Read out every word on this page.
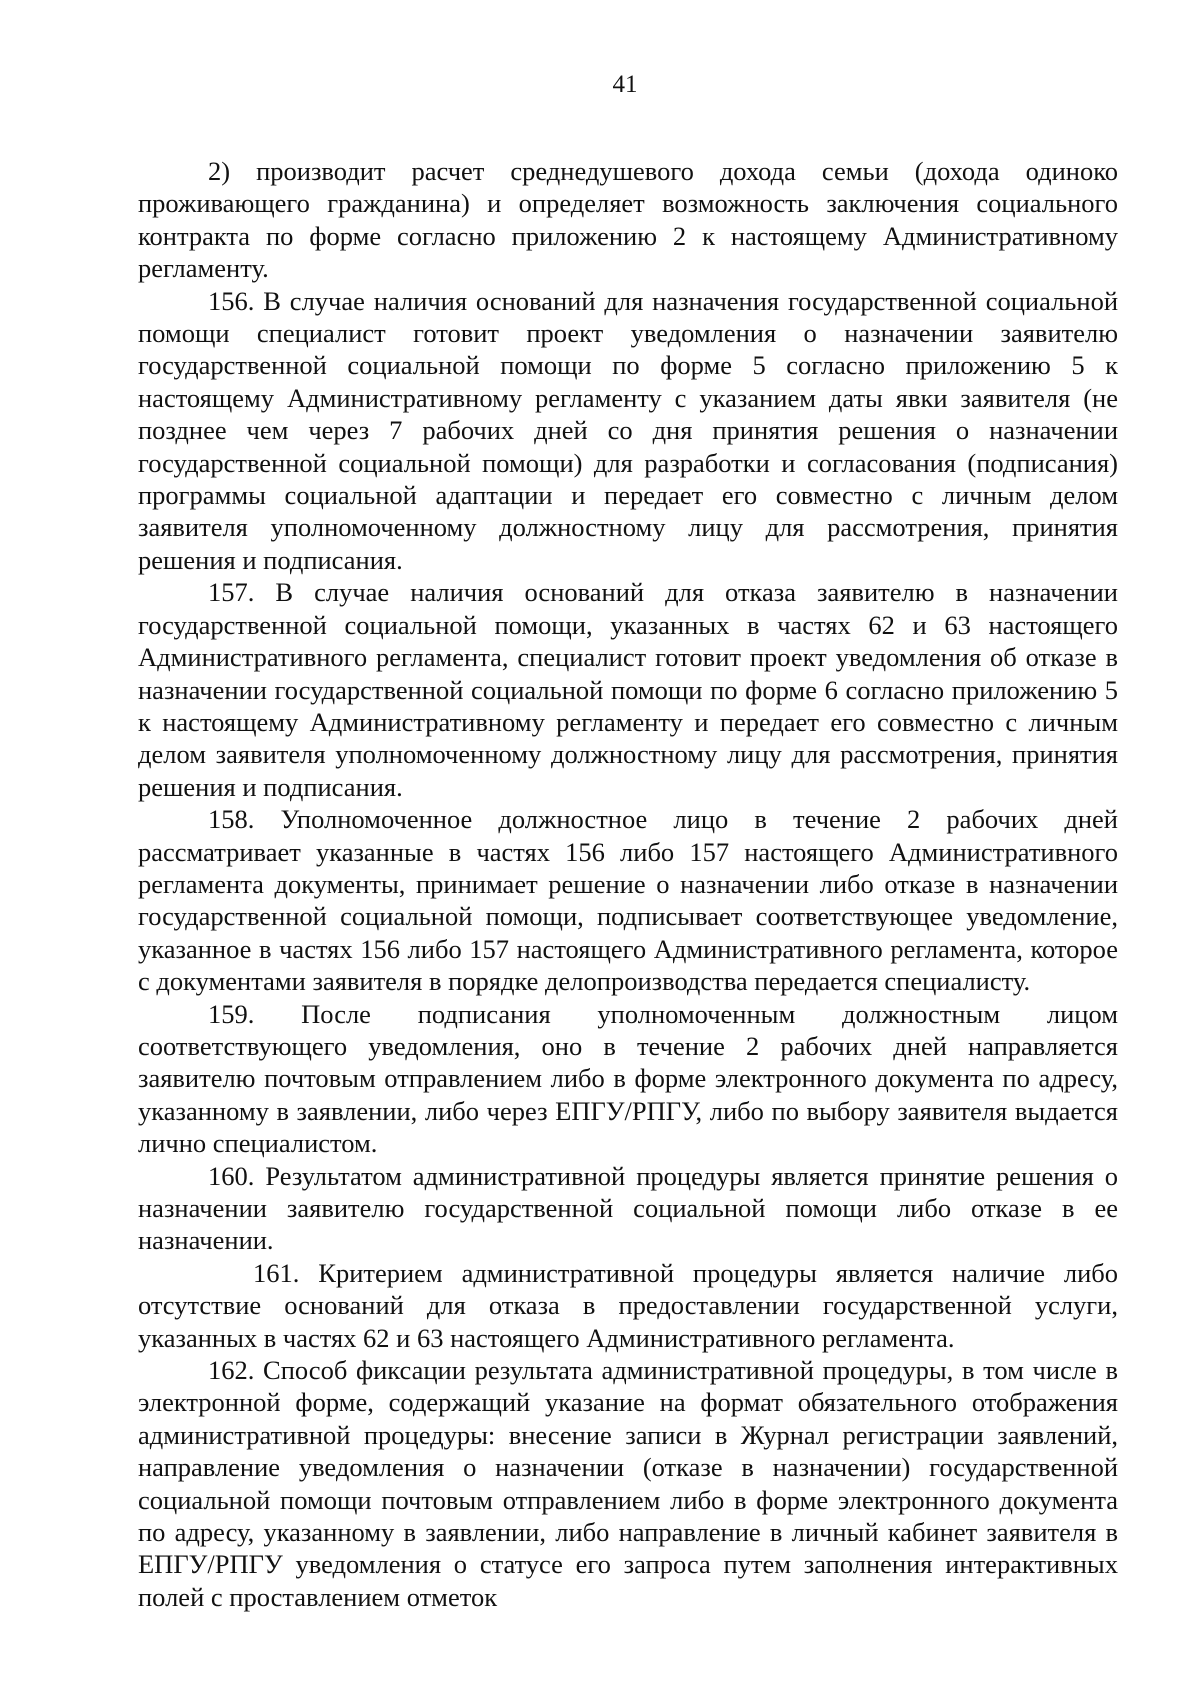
41

2) производит расчет среднедушевого дохода семьи (дохода одиноко проживающего гражданина) и определяет возможность заключения социального контракта по форме согласно приложению 2 к настоящему Административному регламенту.

156. В случае наличия оснований для назначения государственной социальной помощи специалист готовит проект уведомления о назначении заявителю государственной социальной помощи по форме 5 согласно приложению 5 к настоящему Административному регламенту с указанием даты явки заявителя (не позднее чем через 7 рабочих дней со дня принятия решения о назначении государственной социальной помощи) для разработки и согласования (подписания) программы социальной адаптации и передает его совместно с личным делом заявителя уполномоченному должностному лицу для рассмотрения, принятия решения и подписания.

157. В случае наличия оснований для отказа заявителю в назначении государственной социальной помощи, указанных в частях 62 и 63 настоящего Административного регламента, специалист готовит проект уведомления об отказе в назначении государственной социальной помощи по форме 6 согласно приложению 5 к настоящему Административному регламенту и передает его совместно с личным делом заявителя уполномоченному должностному лицу для рассмотрения, принятия решения и подписания.

158. Уполномоченное должностное лицо в течение 2 рабочих дней рассматривает указанные в частях 156 либо 157 настоящего Административного регламента документы, принимает решение о назначении либо отказе в назначении государственной социальной помощи, подписывает соответствующее уведомление, указанное в частях 156 либо 157 настоящего Административного регламента, которое с документами заявителя в порядке делопроизводства передается специалисту.

159. После подписания уполномоченным должностным лицом соответствующего уведомления, оно в течение 2 рабочих дней направляется заявителю почтовым отправлением либо в форме электронного документа по адресу, указанному в заявлении, либо через ЕПГУ/РПГУ, либо по выбору заявителя выдается лично специалистом.

160. Результатом административной процедуры является принятие решения о назначении заявителю государственной социальной помощи либо отказе в ее назначении.

161. Критерием административной процедуры является наличие либо отсутствие оснований для отказа в предоставлении государственной услуги, указанных в частях 62 и 63 настоящего Административного регламента.

162. Способ фиксации результата административной процедуры, в том числе в электронной форме, содержащий указание на формат обязательного отображения административной процедуры: внесение записи в Журнал регистрации заявлений, направление уведомления о назначении (отказе в назначении) государственной социальной помощи почтовым отправлением либо в форме электронного документа по адресу, указанному в заявлении, либо направление в личный кабинет заявителя в ЕПГУ/РПГУ уведомления о статусе его запроса путем заполнения интерактивных полей с проставлением отметок
